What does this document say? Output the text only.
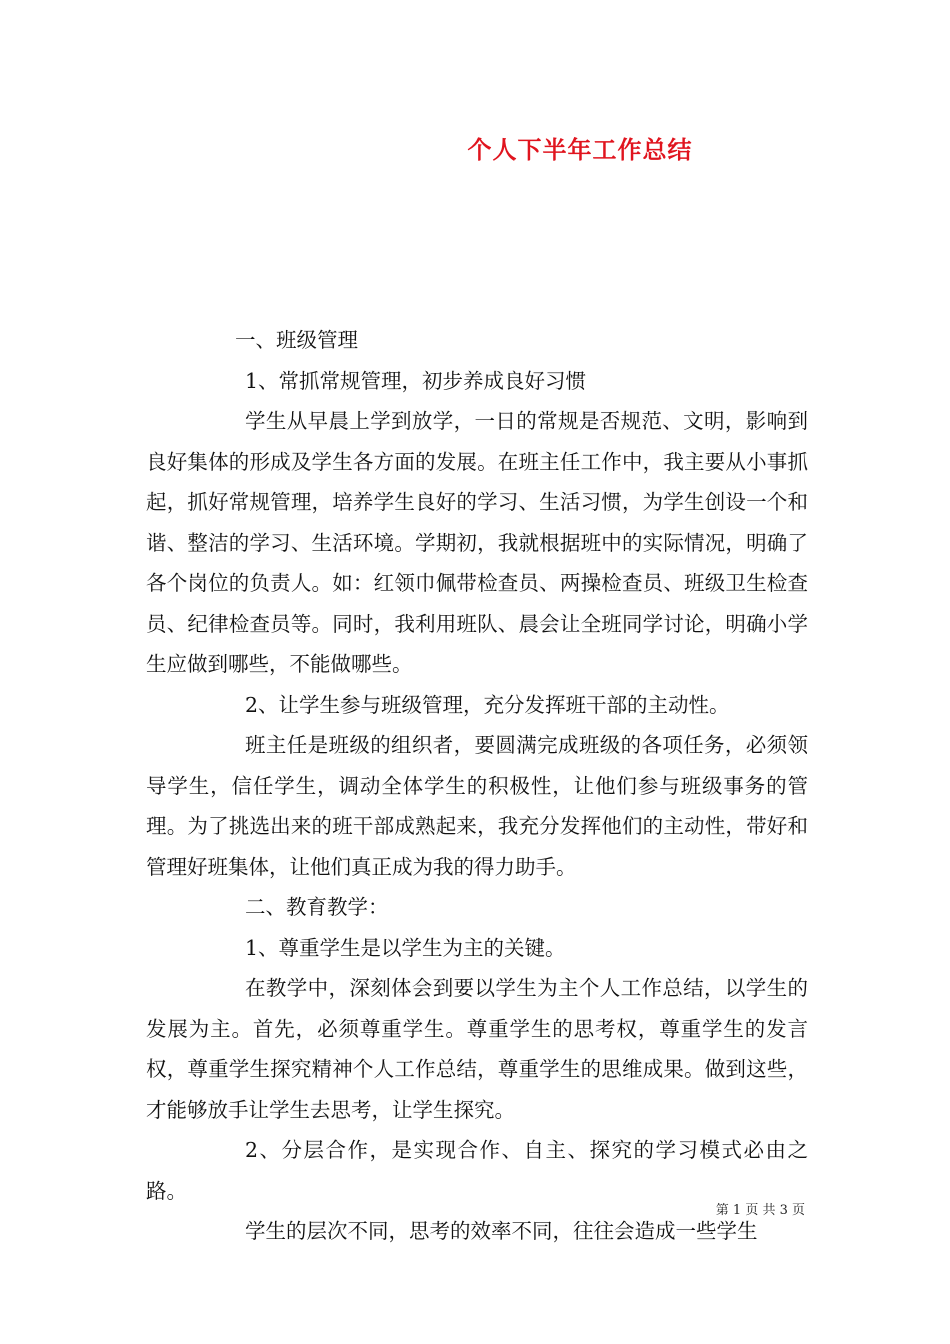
个人下半年工作总结

一、班级管理

1、常抓常规管理，初步养成良好习惯

学生从早晨上学到放学，一日的常规是否规范、文明，影响到良好集体的形成及学生各方面的发展。在班主任工作中，我主要从小事抓起，抓好常规管理，培养学生良好的学习、生活习惯，为学生创设一个和谐、整洁的学习、生活环境。学期初，我就根据班中的实际情况，明确了各个岗位的负责人。如：红领巾佩带检查员、两操检查员、班级卫生检查员、纪律检查员等。同时，我利用班队、晨会让全班同学讨论，明确小学生应做到哪些，不能做哪些。

2、让学生参与班级管理，充分发挥班干部的主动性。

班主任是班级的组织者，要圆满完成班级的各项任务，必须领导学生，信任学生，调动全体学生的积极性，让他们参与班级事务的管理。为了挑选出来的班干部成熟起来，我充分发挥他们的主动性，带好和管理好班集体，让他们真正成为我的得力助手。

二、教育教学：

1、尊重学生是以学生为主的关键。

在教学中，深刻体会到要以学生为主个人工作总结，以学生的发展为主。首先，必须尊重学生。尊重学生的思考权，尊重学生的发言权，尊重学生探究精神个人工作总结，尊重学生的思维成果。做到这些，才能够放手让学生去思考，让学生探究。

2、分层合作，是实现合作、自主、探究的学习模式必由之路。

学生的层次不同，思考的效率不同，往往会造成一些学生

第 1 页 共 3 页
